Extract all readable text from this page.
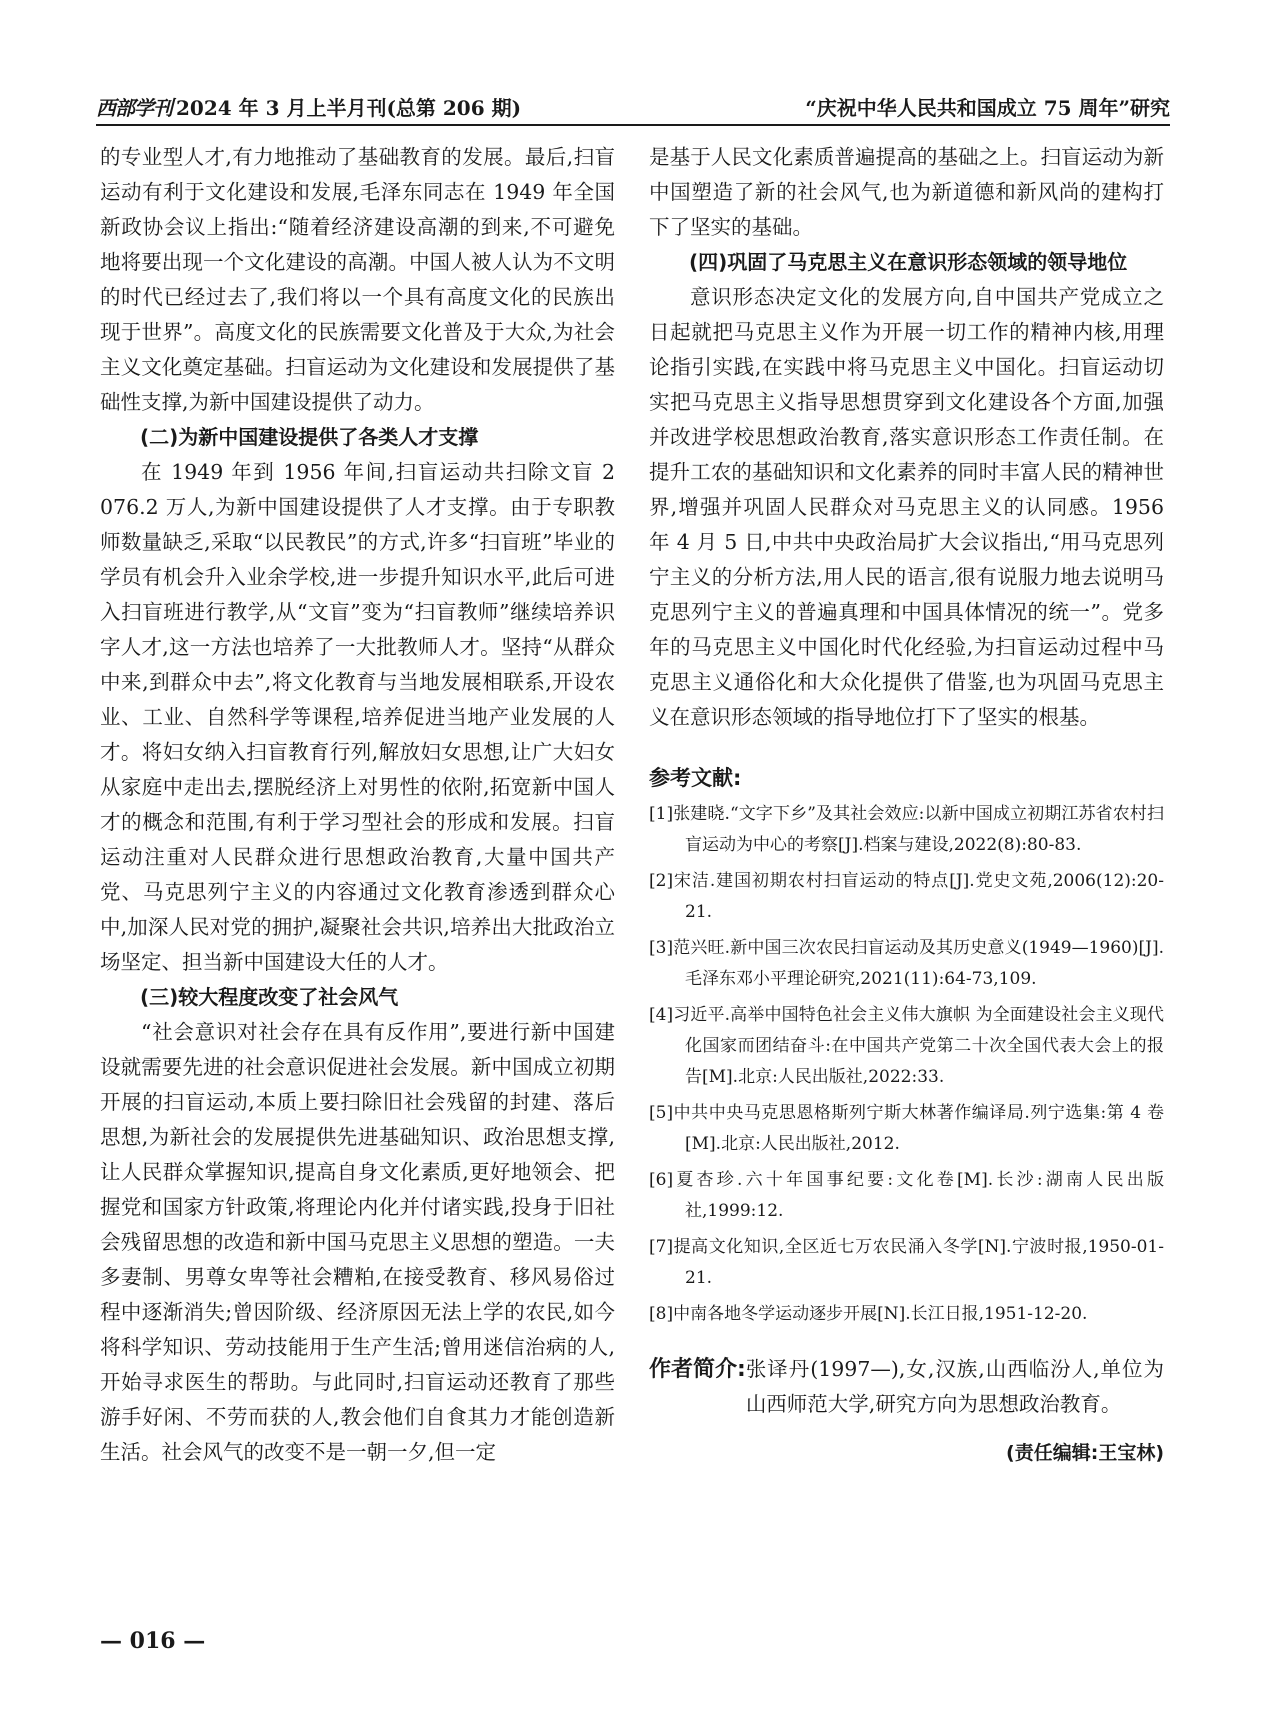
西部学刊 2024 年 3 月上半月刊(总第 206 期)	“庆祝中华人民共和国成立 75 周年”研究

的专业型人才,有力地推动了基础教育的发展。最后,扫盲运动有利于文化建设和发展,毛泽东同志在 1949 年全国新政协会议上指出:“随着经济建设高潮的到来,不可避免地将要出现一个文化建设的高潮。中国人被人认为不文明的时代已经过去了,我们将以一个具有高度文化的民族出现于世界”。高度文化的民族需要文化普及于大众,为社会主义文化奠定基础。扫盲运动为文化建设和发展提供了基础性支撑,为新中国建设提供了动力。

(二)为新中国建设提供了各类人才支撑

在 1949 年到 1956 年间,扫盲运动共扫除文盲 2 076.2 万人,为新中国建设提供了人才支撑。由于专职教师数量缺乏,采取“以民教民”的方式,许多“扫盲班”毕业的学员有机会升入业余学校,进一步提升知识水平,此后可进入扫盲班进行教学,从“文盲”变为“扫盲教师”继续培养识字人才,这一方法也培养了一大批教师人才。坚持“从群众中来,到群众中去”,将文化教育与当地发展相联系,开设农业、工业、自然科学等课程,培养促进当地产业发展的人才。将妇女纳入扫盲教育行列,解放妇女思想,让广大妇女从家庭中走出去,摆脱经济上对男性的依附,拓宽新中国人才的概念和范围,有利于学习型社会的形成和发展。扫盲运动注重对人民群众进行思想政治教育,大量中国共产党、马克思列宁主义的内容通过文化教育渗透到群众心中,加深人民对党的拥护,凝聚社会共识,培养出大批政治立场坚定、担当新中国建设大任的人才。

(三)较大程度改变了社会风气

“社会意识对社会存在具有反作用”,要进行新中国建设就需要先进的社会意识促进社会发展。新中国成立初期开展的扫盲运动,本质上要扫除旧社会残留的封建、落后思想,为新社会的发展提供先进基础知识、政治思想支撑,让人民群众掌握知识,提高自身文化素质,更好地领会、把握党和国家方针政策,将理论内化并付诸实践,投身于旧社会残留思想的改造和新中国马克思主义思想的塑造。一夫多妻制、男尊女卑等社会糟粕,在接受教育、移风易俗过程中逐渐消失;曾因阶级、经济原因无法上学的农民,如今将科学知识、劳动技能用于生产生活;曾用迷信治病的人,开始寻求医生的帮助。与此同时,扫盲运动还教育了那些游手好闲、不劳而获的人,教会他们自食其力才能创造新生活。社会风气的改变不是一朝一夕,但一定

是基于人民文化素质普遍提高的基础之上。扫盲运动为新中国塑造了新的社会风气,也为新道德和新风尚的建构打下了坚实的基础。

(四)巩固了马克思主义在意识形态领域的领导地位

意识形态决定文化的发展方向,自中国共产党成立之日起就把马克思主义作为开展一切工作的精神内核,用理论指引实践,在实践中将马克思主义中国化。扫盲运动切实把马克思主义指导思想贯穿到文化建设各个方面,加强并改进学校思想政治教育,落实意识形态工作责任制。在提升工农的基础知识和文化素养的同时丰富人民的精神世界,增强并巩固人民群众对马克思主义的认同感。1956 年 4 月 5 日,中共中央政治局扩大会议指出,“用马克思列宁主义的分析方法,用人民的语言,很有说服力地去说明马克思列宁主义的普遍真理和中国具体情况的统一”。党多年的马克思主义中国化时代化经验,为扫盲运动过程中马克思主义通俗化和大众化提供了借鉴,也为巩固马克思主义在意识形态领域的指导地位打下了坚实的根基。

参考文献:
[1]张建晓.“文字下乡”及其社会效应:以新中国成立初期江苏省农村扫盲运动为中心的考察[J].档案与建设,2022(8):80-83.
[2]宋洁.建国初期农村扫盲运动的特点[J].党史文苑,2006(12):20-21.
[3]范兴旺.新中国三次农民扫盲运动及其历史意义(1949—1960)[J].毛泽东邓小平理论研究,2021(11):64-73,109.
[4]习近平.高举中国特色社会主义伟大旗帜 为全面建设社会主义现代化国家而团结奋斗:在中国共产党第二十次全国代表大会上的报告[M].北京:人民出版社,2022:33.
[5]中共中央马克思恩格斯列宁斯大林著作编译局.列宁选集:第 4 卷[M].北京:人民出版社,2012.
[6]夏杏珍.六十年国事纪要:文化卷[M].长沙:湖南人民出版社,1999:12.
[7]提高文化知识,全区近七万农民涌入冬学[N].宁波时报,1950-01-21.
[8]中南各地冬学运动逐步开展[N].长江日报,1951-12-20.
作者简介: 张译丹(1997—),女,汉族,山西临汾人,单位为山西师范大学,研究方向为思想政治教育。
(责任编辑:王宝林)
— 016 —
